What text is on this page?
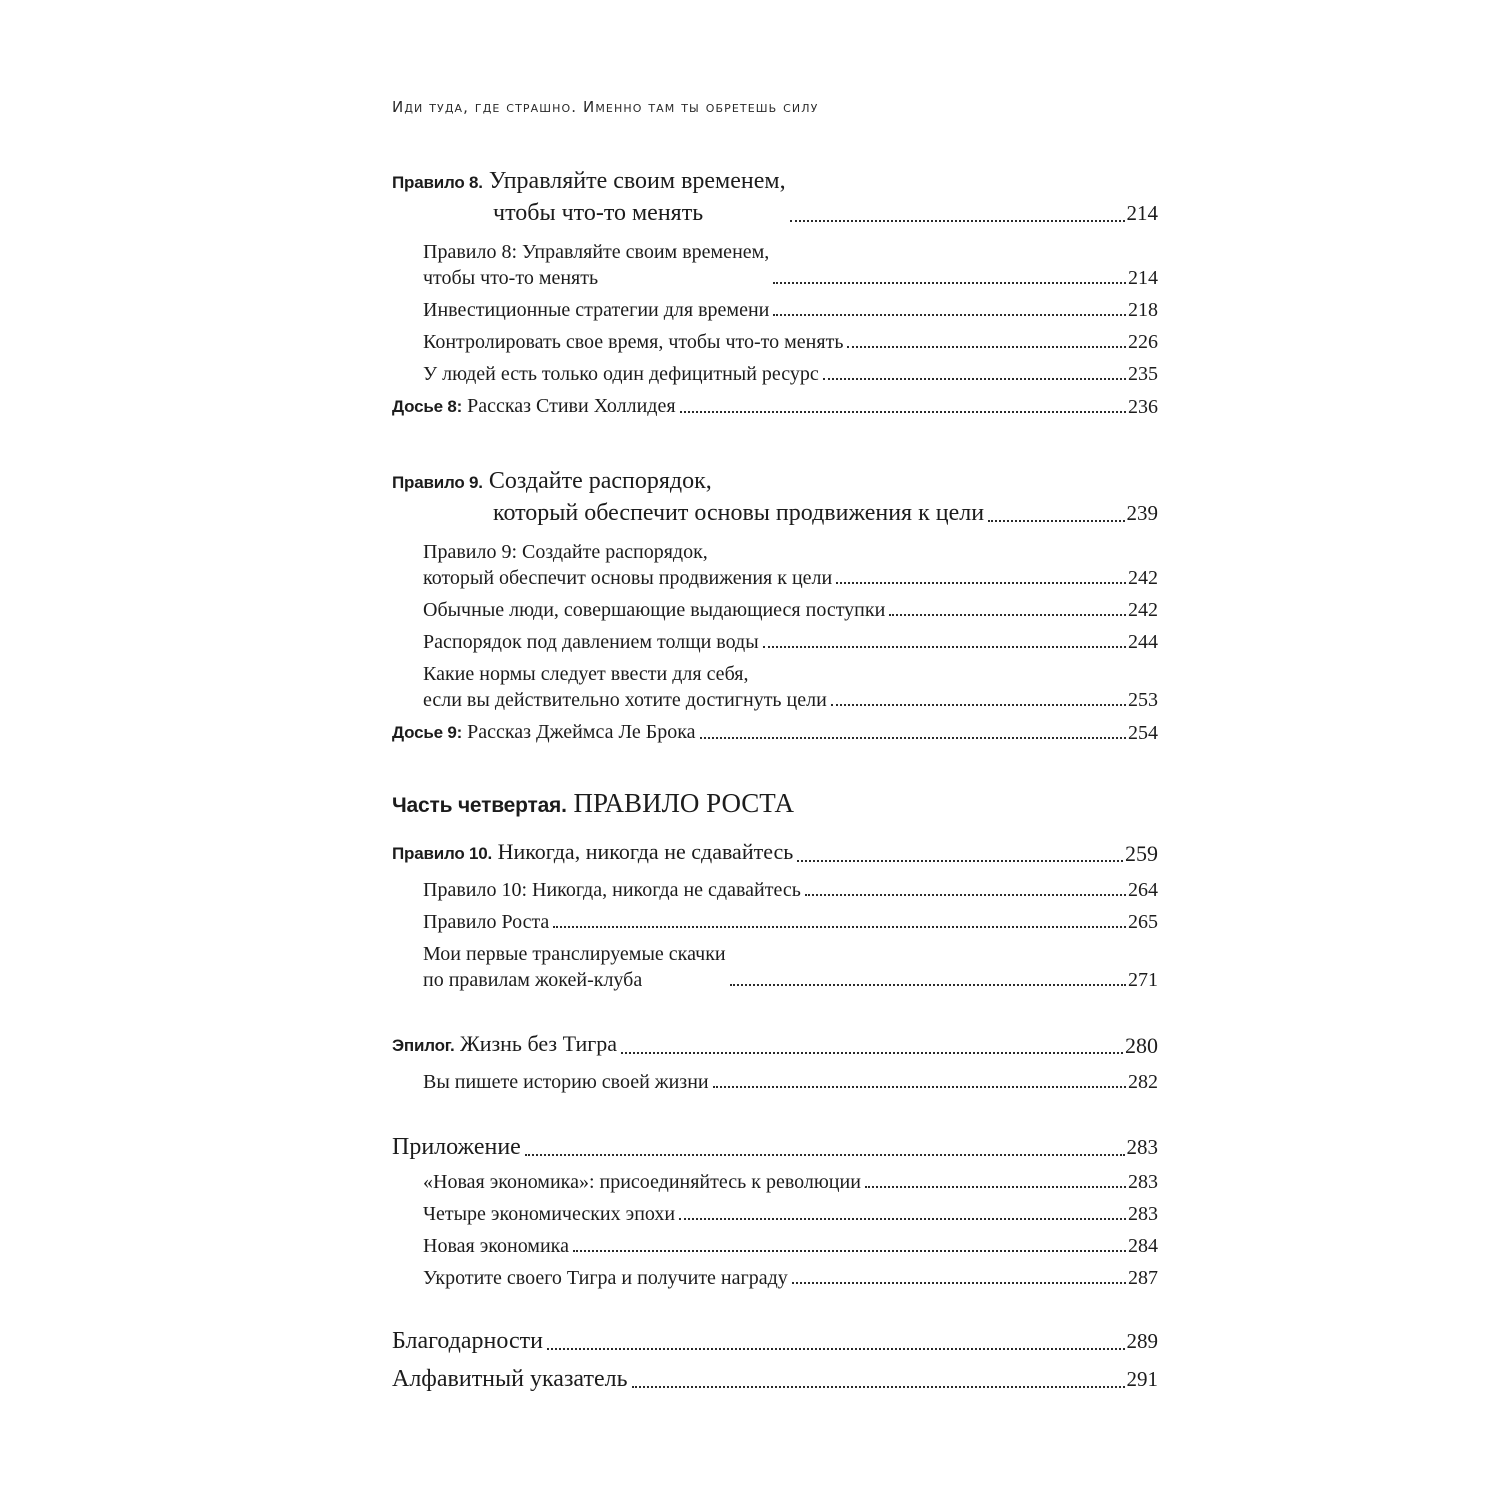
Иди туда, где страшно. Именно там ты обретешь силу
Правило 8. Управляйте своим временем,
чтобы что-то менять	214
Правило 8: Управляйте своим временем,
чтобы что-то менять	214
Инвестиционные стратегии для времени	218
Контролировать свое время, чтобы что-то менять	226
У людей есть только один дефицитный ресурс	235
Досье 8: Рассказ Стиви Холлидея	236
Правило 9. Создайте распорядок,
который обеспечит основы продвижения к цели	239
Правило 9: Создайте распорядок,
который обеспечит основы продвижения к цели	242
Обычные люди, совершающие выдающиеся поступки	242
Распорядок под давлением толщи воды	244
Какие нормы следует ввести для себя,
если вы действительно хотите достигнуть цели	253
Досье 9: Рассказ Джеймса Ле Брока	254
Часть четвертая. ПРАВИЛО РОСТА
Правило 10. Никогда, никогда не сдавайтесь	259
Правило 10: Никогда, никогда не сдавайтесь	264
Правило Роста	265
Мои первые транслируемые скачки
по правилам жокей-клуба	271
Эпилог. Жизнь без Тигра	280
Вы пишете историю своей жизни	282
Приложение	283
«Новая экономика»: присоединяйтесь к революции	283
Четыре экономических эпохи	283
Новая экономика	284
Укротите своего Тигра и получите награду	287
Благодарности	289
Алфавитный указатель	291
